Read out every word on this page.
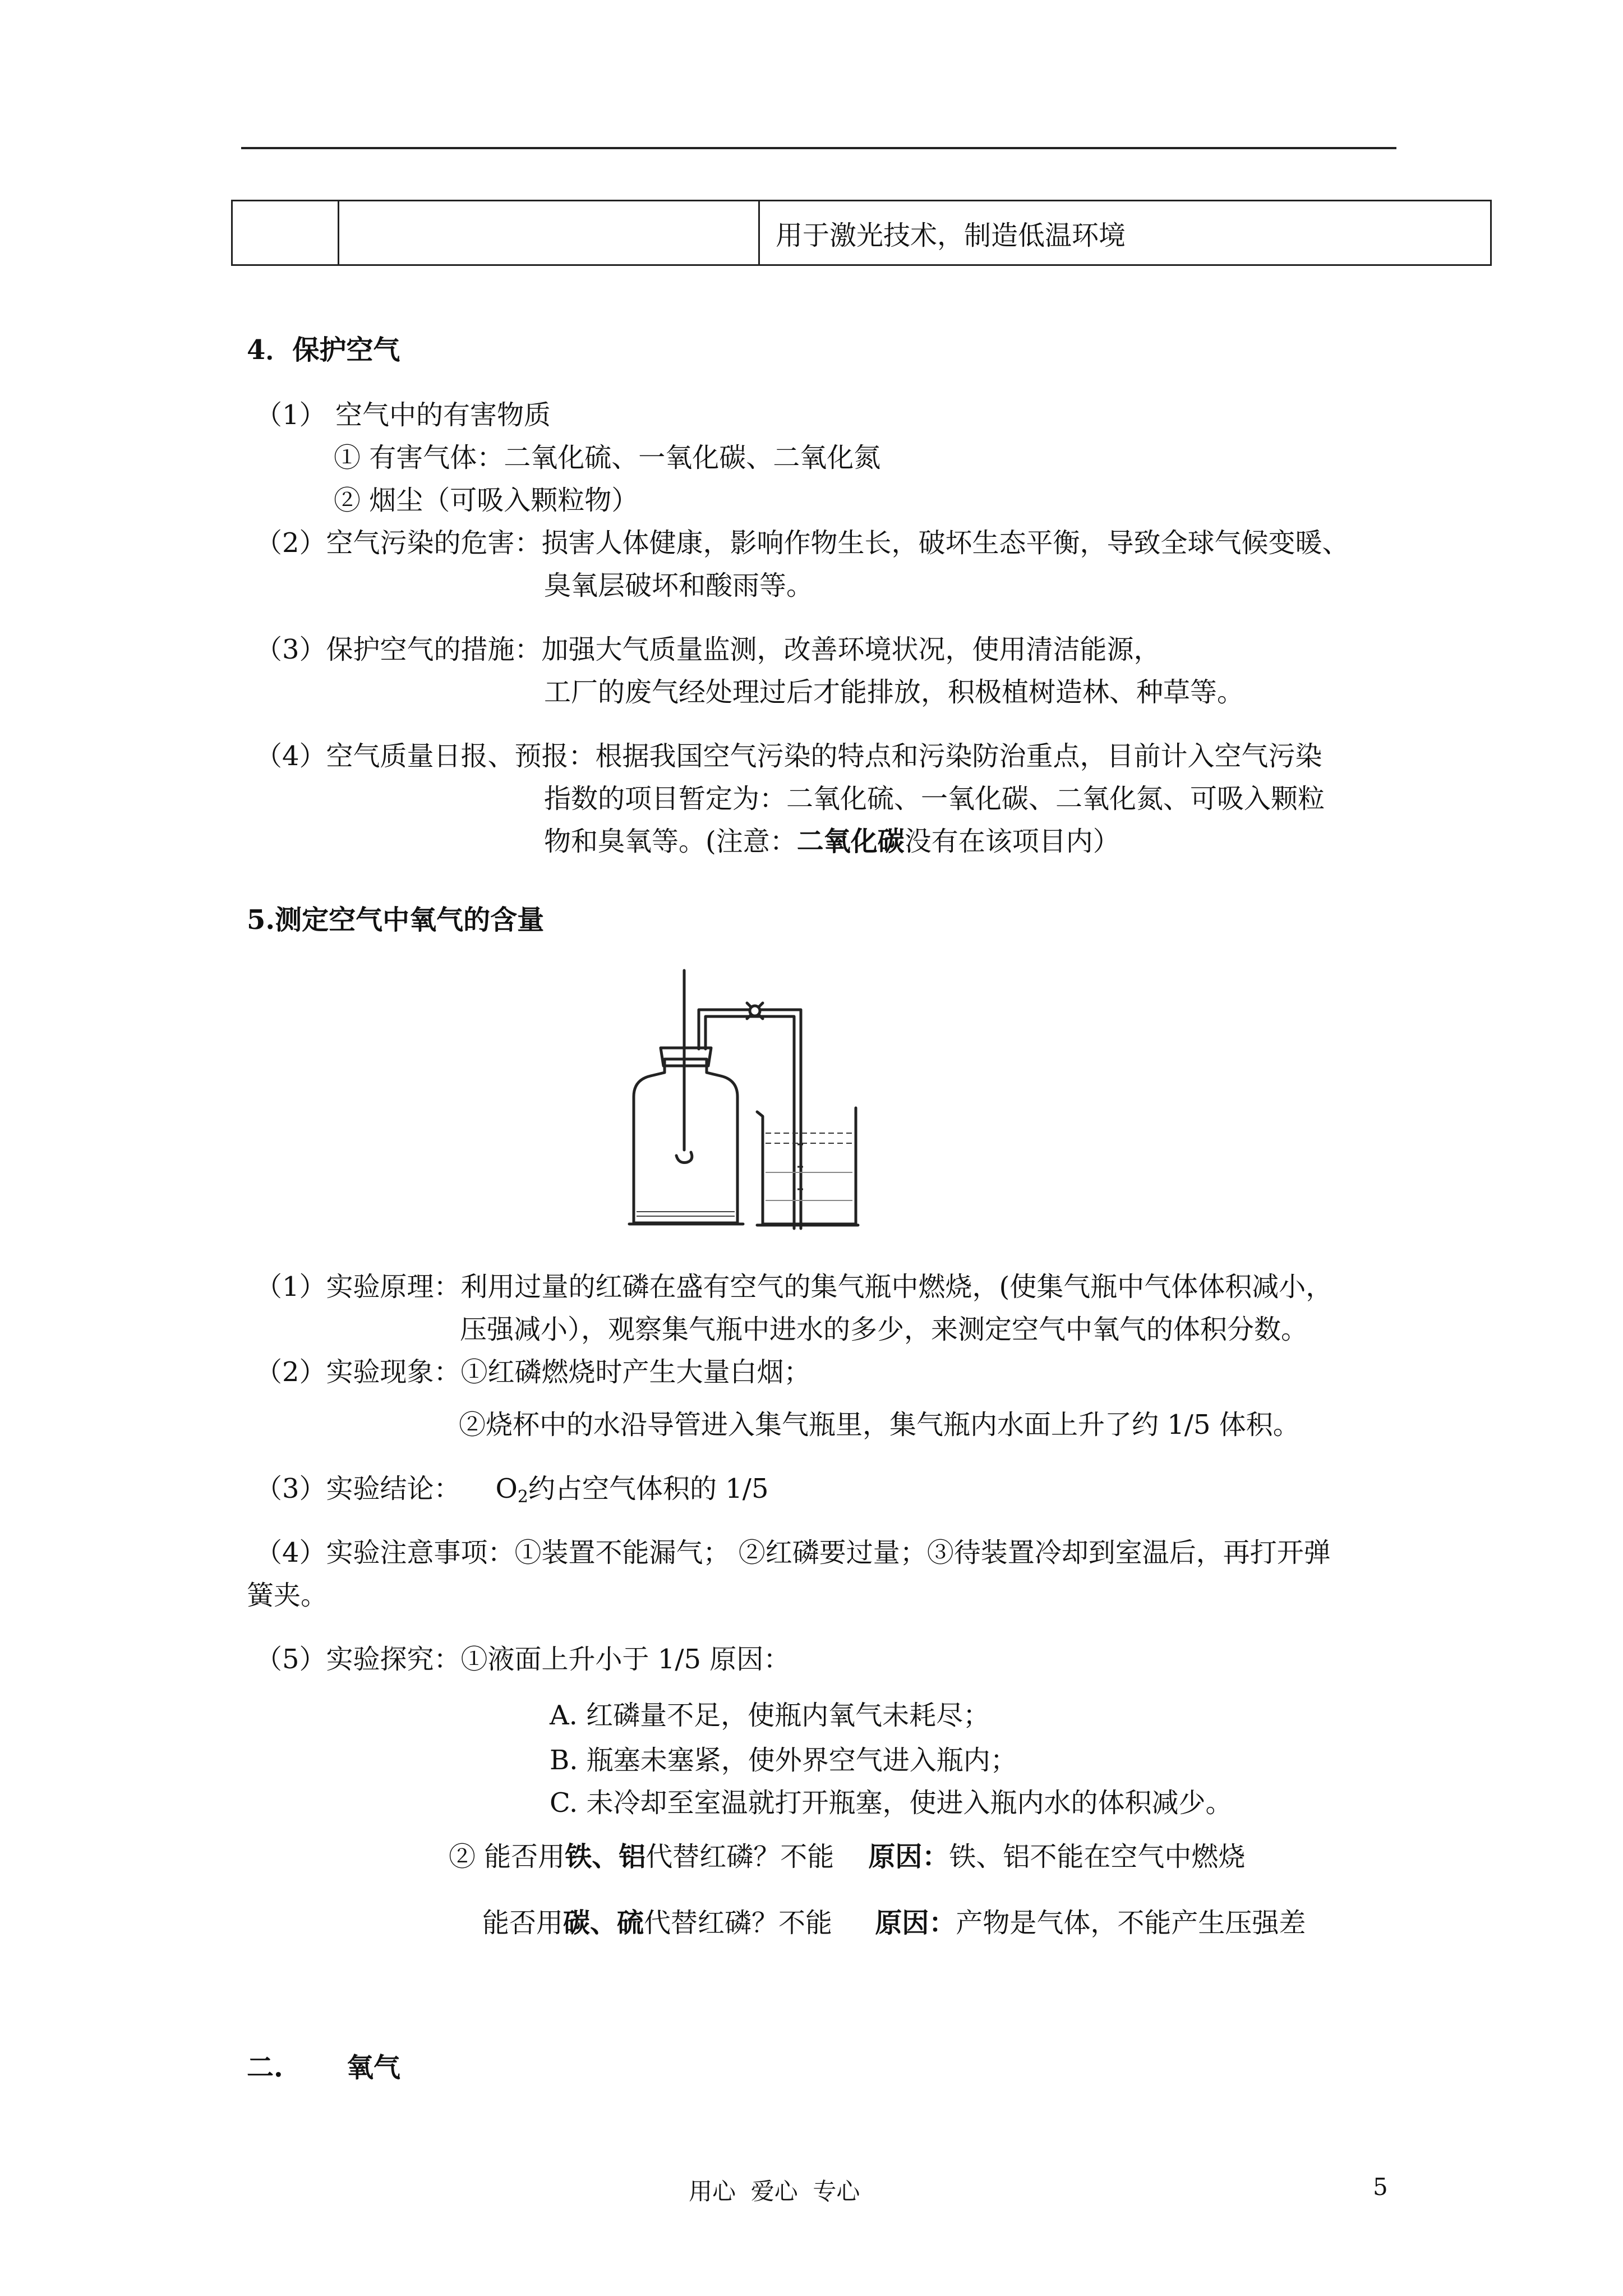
		用于激光技术，制造低温环境
4．保护空气
（1） 空气中的有害物质
① 有害气体：二氧化硫、一氧化碳、二氧化氮
② 烟尘（可吸入颗粒物）
（2）空气污染的危害：损害人体健康，影响作物生长，破坏生态平衡，导致全球气候变暖、
臭氧层破坏和酸雨等。
（3）保护空气的措施：加强大气质量监测，改善环境状况，使用清洁能源，
工厂的废气经处理过后才能排放，积极植树造林、种草等。
（4）空气质量日报、预报：根据我国空气污染的特点和污染防治重点，目前计入空气污染
指数的项目暂定为：二氧化硫、一氧化碳、二氧化氮、可吸入颗粒
物和臭氧等。(注意：二氧化碳没有在该项目内）
5.测定空气中氧气的含量
（1）实验原理：利用过量的红磷在盛有空气的集气瓶中燃烧，(使集气瓶中气体体积减小，
压强减小），观察集气瓶中进水的多少，来测定空气中氧气的体积分数。
（2）实验现象：①红磷燃烧时产生大量白烟；
②烧杯中的水沿导管进入集气瓶里，集气瓶内水面上升了约 1/5 体积。
（3）实验结论： $O_2$约占空气体积的 1/5
（4）实验注意事项：①装置不能漏气； ②红磷要过量；③待装置冷却到室温后，再打开弹
簧夹。
（5）实验探究：①液面上升小于 1/5 原因：
A. 红磷量不足，使瓶内氧气未耗尽；
B. 瓶塞未塞紧，使外界空气进入瓶内；
C. 未冷却至室温就打开瓶塞，使进入瓶内水的体积减少。
② 能否用铁、铝代替红磷？不能    原因：铁、铝不能在空气中燃烧
能否用碳、硫代替红磷？不能     原因：产物是气体，不能产生压强差
二. 氧气
用心  爱心  专心	5
